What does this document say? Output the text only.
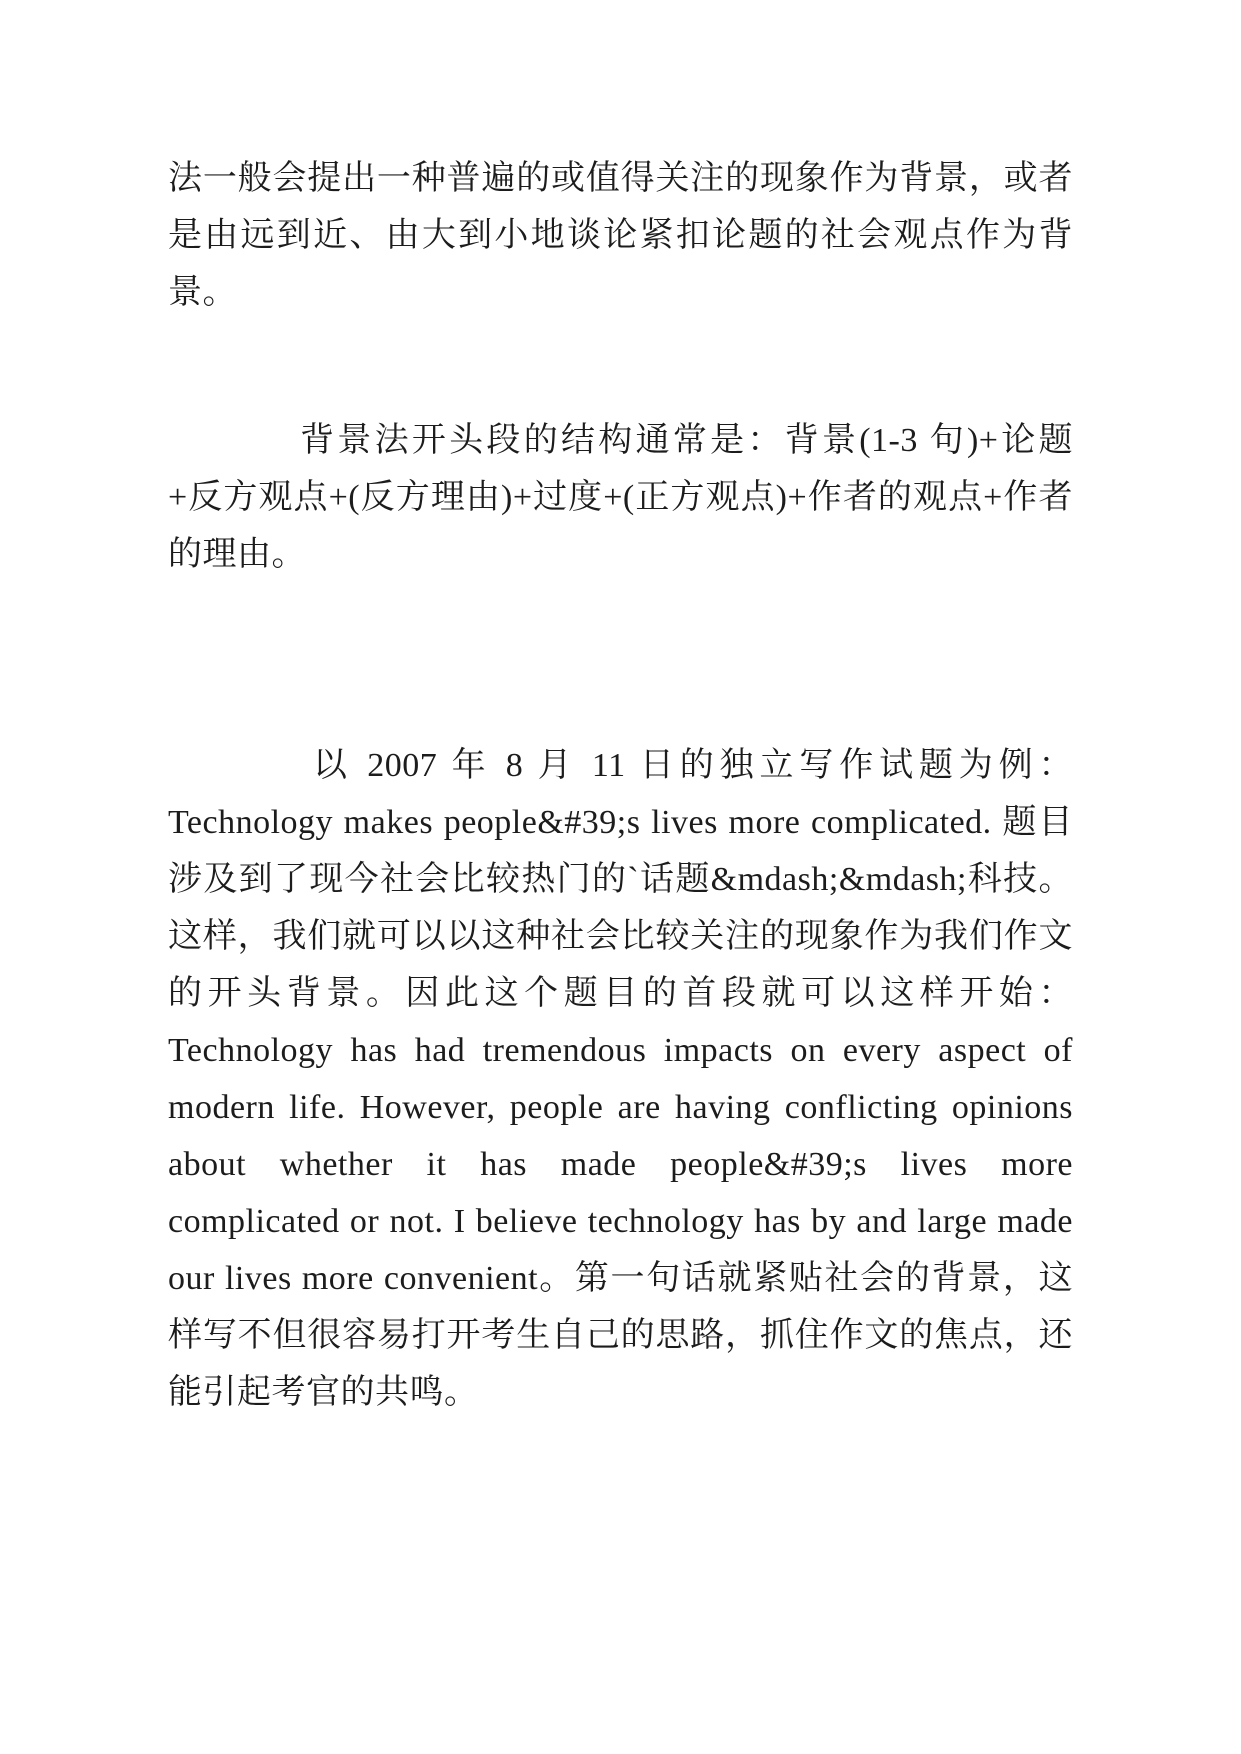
法一般会提出一种普遍的或值得关注的现象作为背景，或者是由远到近、由大到小地谈论紧扣论题的社会观点作为背景。

背景法开头段的结构通常是：背景(1-3 句)+论题+反方观点+(反方理由)+过度+(正方观点)+作者的观点+作者的理由。

以 2007 年 8 月 11 日的独立写作试题为例：Technology makes people&#39;s lives more complicated. 题目涉及到了现今社会比较热门的`话题&mdash;&mdash;科技。这样，我们就可以以这种社会比较关注的现象作为我们作文的开头背景。因此这个题目的首段就可以这样开始：Technology has had tremendous impacts on every aspect of modern life. However, people are having conflicting opinions about whether it has made people&#39;s lives more complicated or not. I believe technology has by and large made our lives more convenient。第一句话就紧贴社会的背景，这样写不但很容易打开考生自己的思路，抓住作文的焦点，还能引起考官的共鸣。
